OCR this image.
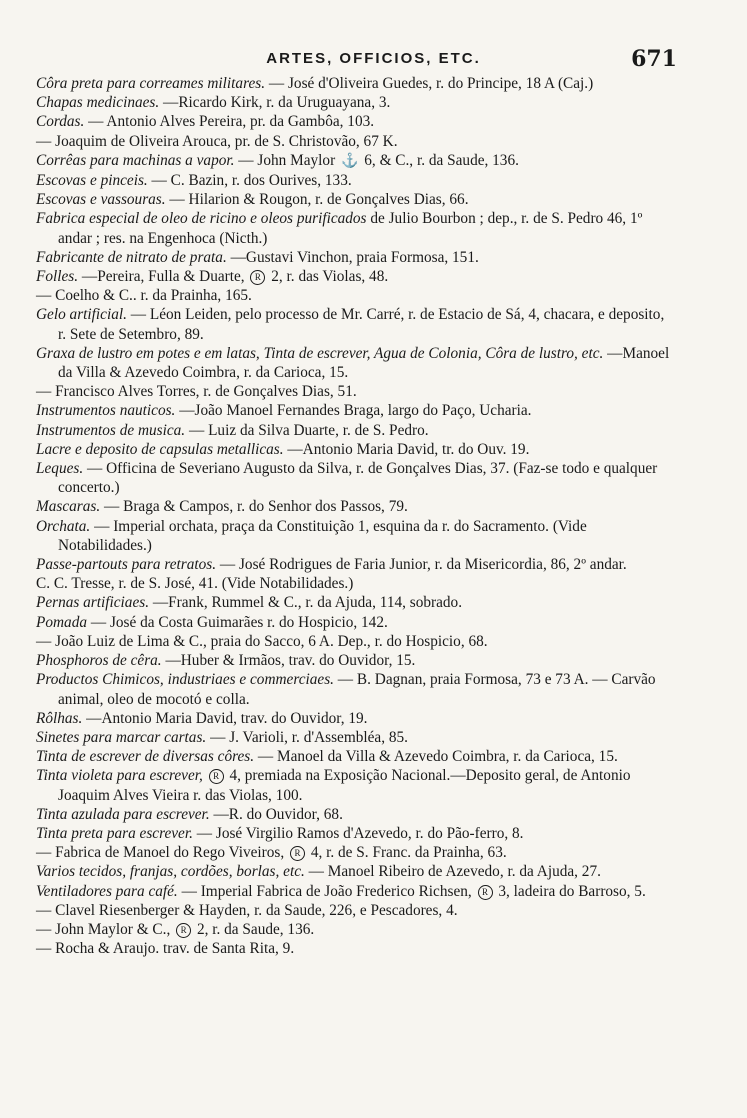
ARTES, OFFICIOS, ETC.	671

Côra preta para correames militares. — José d'Oliveira Guedes, r. do Principe, 18 A (Caj.)

Chapas medicinaes. —Ricardo Kirk, r. da Uruguayana, 3.

Cordas. — Antonio Alves Pereira, pr. da Gambôa, 103.

— Joaquim de Oliveira Arouca, pr. de S. Christovão, 67 K.

Corrêas para machinas a vapor. — John Maylor ⚓ 6, & C., r. da Saude, 136.

Escovas e pinceis. — C. Bazin, r. dos Ourives, 133.

Escovas e vassouras. — Hilarion & Rougon, r. de Gonçalves Dias, 66.

Fabrica especial de oleo de ricino e oleos purificados de Julio Bourbon ; dep., r. de S. Pedro 46, 1º andar ; res. na Engenhoca (Nicth.)

Fabricante de nitrato de prata. —Gustavi Vinchon, praia Formosa, 151.

Folles. —Pereira, Fulla & Duarte, R 2, r. das Violas, 48.

— Coelho & C.. r. da Prainha, 165.

Gelo artificial. — Léon Leiden, pelo processo de Mr. Carré, r. de Estacio de Sá, 4, chacara, e deposito, r. Sete de Setembro, 89.

Graxa de lustro em potes e em latas, Tinta de escrever, Agua de Colonia, Côra de lustro, etc. —Manoel da Villa & Azevedo Coimbra, r. da Carioca, 15.

— Francisco Alves Torres, r. de Gonçalves Dias, 51.

Instrumentos nauticos. —João Manoel Fernandes Braga, largo do Paço, Ucharia.

Instrumentos de musica. — Luiz da Silva Duarte, r. de S. Pedro.

Lacre e deposito de capsulas metallicas. —Antonio Maria David, tr. do Ouv. 19.

Leques. — Officina de Severiano Augusto da Silva, r. de Gonçalves Dias, 37. (Faz-se todo e qualquer concerto.)

Mascaras. — Braga & Campos, r. do Senhor dos Passos, 79.

Orchata. — Imperial orchata, praça da Constituição 1, esquina da r. do Sacramento. (Vide Notabilidades.)

Passe-partouts para retratos. — José Rodrigues de Faria Junior, r. da Misericordia, 86, 2º andar.

C. C. Tresse, r. de S. José, 41. (Vide Notabilidades.)

Pernas artificiaes. —Frank, Rummel & C., r. da Ajuda, 114, sobrado.

Pomada — José da Costa Guimarães r. do Hospicio, 142.

— João Luiz de Lima & C., praia do Sacco, 6 A. Dep., r. do Hospicio, 68.

Phosphoros de cêra. —Huber & Irmãos, trav. do Ouvidor, 15.

Productos Chimicos, industriaes e commerciaes. — B. Dagnan, praia Formosa, 73 e 73 A. — Carvão animal, oleo de mocotó e colla.

Rôlhas. —Antonio Maria David, trav. do Ouvidor, 19.

Sinetes para marcar cartas. — J. Varioli, r. d'Assembléa, 85.

Tinta de escrever de diversas côres. — Manoel da Villa & Azevedo Coimbra, r. da Carioca, 15.

Tinta violeta para escrever, R 4, premiada na Exposição Nacional.—Deposito geral, de Antonio Joaquim Alves Vieira r. das Violas, 100.

Tinta azulada para escrever. —R. do Ouvidor, 68.

Tinta preta para escrever. — José Virgilio Ramos d'Azevedo, r. do Pão-ferro, 8.

— Fabrica de Manoel do Rego Viveiros, R 4, r. de S. Franc. da Prainha, 63.

Varios tecidos, franjas, cordões, borlas, etc. — Manoel Ribeiro de Azevedo, r. da Ajuda, 27.

Ventiladores para café. — Imperial Fabrica de João Frederico Richsen, R 3, ladeira do Barroso, 5.

— Clavel Riesenberger & Hayden, r. da Saude, 226, e Pescadores, 4.

— John Maylor & C., R 2, r. da Saude, 136.

— Rocha & Araujo. trav. de Santa Rita, 9.
